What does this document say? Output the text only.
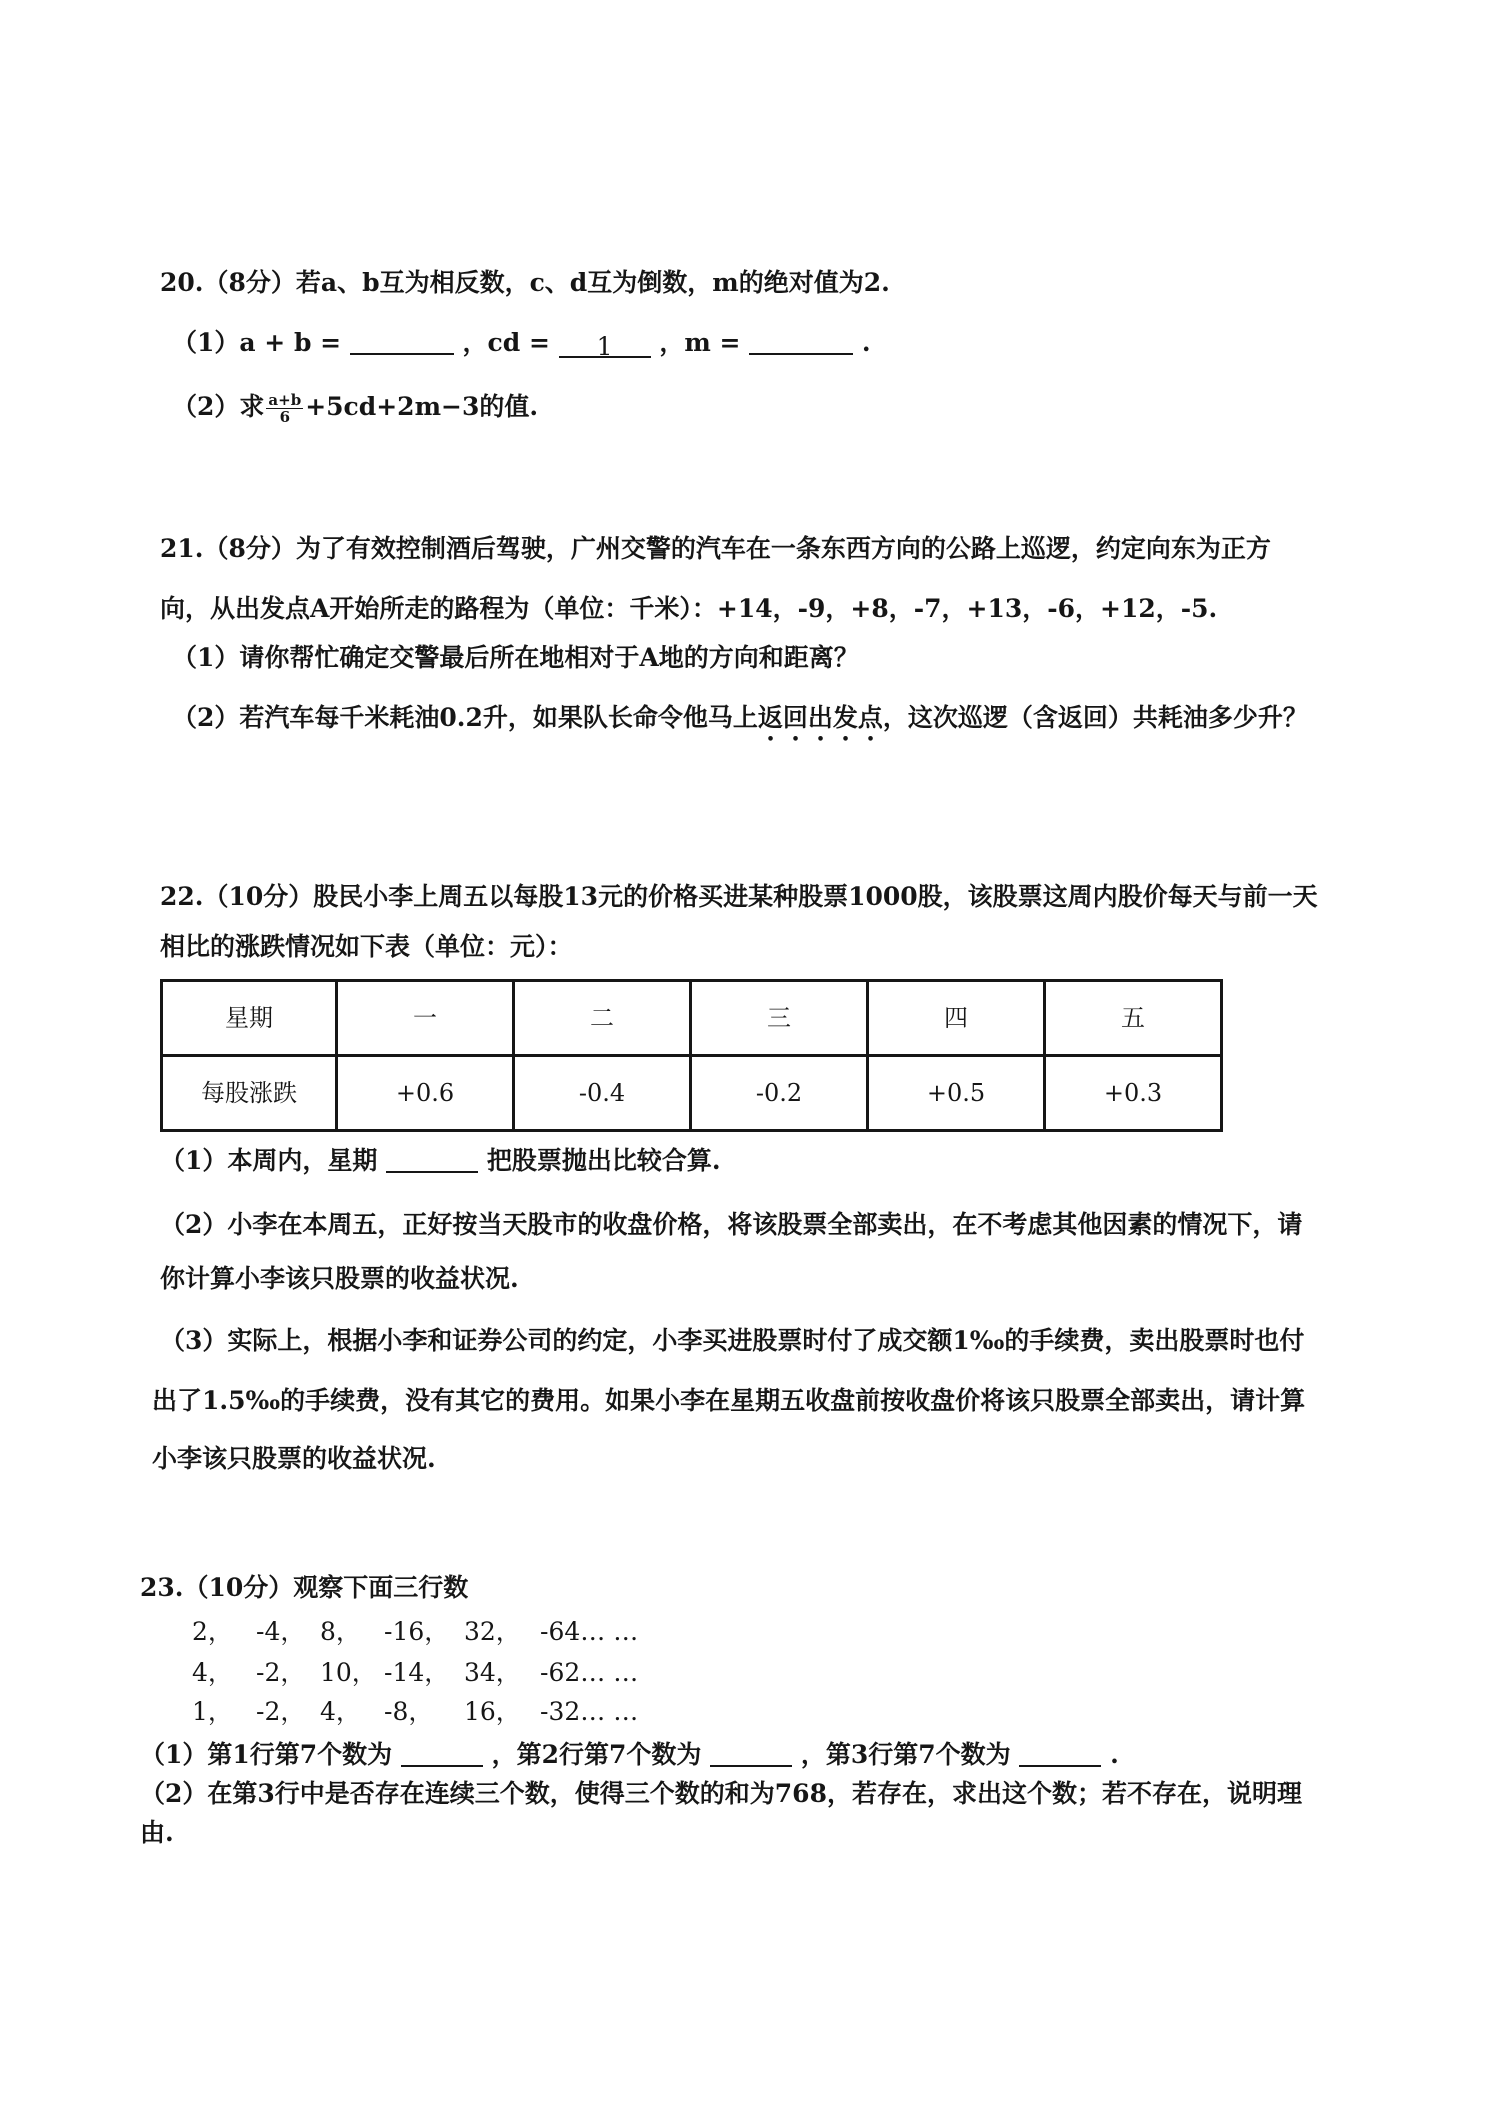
20.（8分）若a、b互为相反数，c、d互为倒数，m的绝对值为2.
（1）a + b =	，cd = 1 ，m =	.
（2）求 $\frac{a+b}{6} +5cd+2m-3$的值.
21.（8分）为了有效控制酒后驾驶，广州交警的汽车在一条东西方向的公路上巡逻，约定向东为正方
向，从出发点A开始所走的路程为（单位：千米）：+14，-9，+8，-7，+13，-6，+12，-5.
（1）请你帮忙确定交警最后所在地相对于A地的方向和距离？
（2）若汽车每千米耗油0.2升，如果队长命令他马上返回出发点，这次巡逻（含返回）共耗油多少升？
22.（10分）股民小李上周五以每股13元的价格买进某种股票1000股，该股票这周内股价每天与前一天
相比的涨跌情况如下表（单位：元）：
星期	一	二	三	四	五
每股涨跌	+0.6	-0.4	-0.2	+0.5	+0.3
（1）本周内，星期	把股票抛出比较合算.
（2）小李在本周五，正好按当天股市的收盘价格，将该股票全部卖出，在不考虑其他因素的情况下，请
你计算小李该只股票的收益状况.
（3）实际上，根据小李和证券公司的约定，小李买进股票时付了成交额1‰的手续费，卖出股票时也付
出了1.5‰的手续费，没有其它的费用。如果小李在星期五收盘前按收盘价将该只股票全部卖出，请计算
小李该只股票的收益状况.
23.（10分）观察下面三行数
2， -4， 8， -16， 32， -64… …
4， -2， 10， -14， 34， -62… …
1， -2， 4， -8， 16， -32… …
（1）第1行第7个数为	，第2行第7个数为	，第3行第7个数为	.
（2）在第3行中是否存在连续三个数，使得三个数的和为768，若存在，求出这个数；若不存在，说明理
由.
